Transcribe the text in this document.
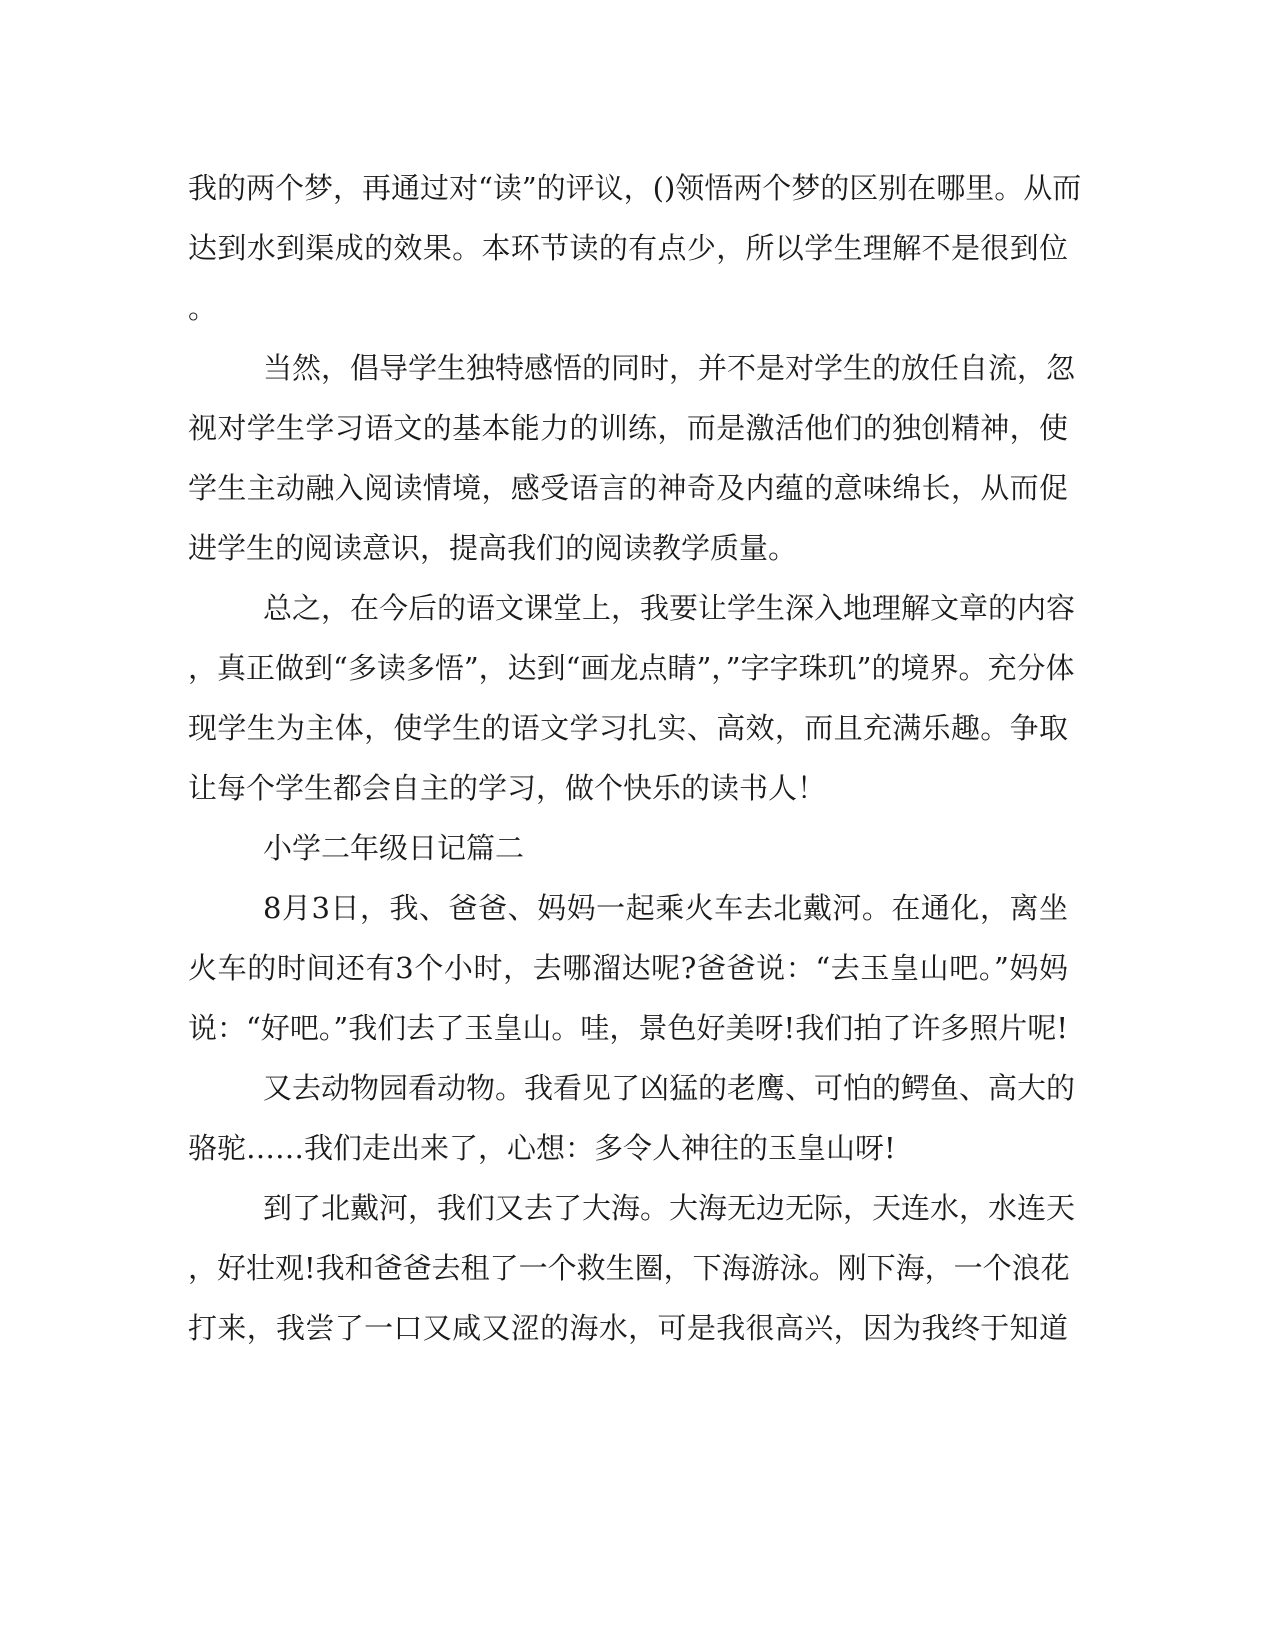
我的两个梦，再通过对“读”的评议，()领悟两个梦的区别在哪里。从而
达到水到渠成的效果。本环节读的有点少，所以学生理解不是很到位
。
当然，倡导学生独特感悟的同时，并不是对学生的放任自流，忽
视对学生学习语文的基本能力的训练，而是激活他们的独创精神，使
学生主动融入阅读情境，感受语言的神奇及内蕴的意味绵长，从而促
进学生的阅读意识，提高我们的阅读教学质量。
总之，在今后的语文课堂上，我要让学生深入地理解文章的内容
，真正做到“多读多悟”，达到“画龙点睛”，”字字珠玑”的境界。充分体
现学生为主体，使学生的语文学习扎实、高效，而且充满乐趣。争取
让每个学生都会自主的学习，做个快乐的读书人！
小学二年级日记篇二
8月3日，我、爸爸、妈妈一起乘火车去北戴河。在通化，离坐
火车的时间还有3个小时，去哪溜达呢?爸爸说：“去玉皇山吧。”妈妈
说：“好吧。”我们去了玉皇山。哇，景色好美呀!我们拍了许多照片呢!
又去动物园看动物。我看见了凶猛的老鹰、可怕的鳄鱼、高大的
骆驼……我们走出来了，心想：多令人神往的玉皇山呀!
到了北戴河，我们又去了大海。大海无边无际，天连水，水连天
，好壮观!我和爸爸去租了一个救生圈，下海游泳。刚下海，一个浪花
打来，我尝了一口又咸又涩的海水，可是我很高兴，因为我终于知道
